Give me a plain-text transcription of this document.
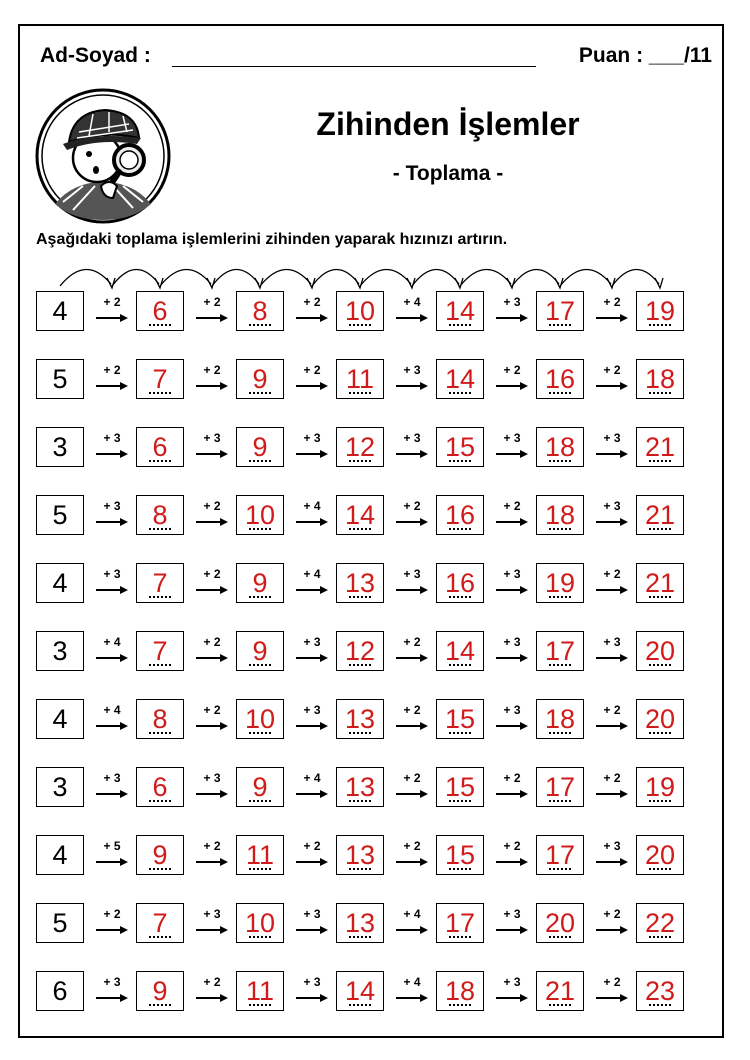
Ad-Soyad :	Puan : ___/11
Zihinden İşlemler
- Toplama -
Aşağıdaki toplama işlemlerini zihinden yaparak hızınızı artırın.
4	+ 2	6	+ 2	8	+ 2 10	+ 4 14	+ 3 17	+ 2 19
5	+ 2	7	+ 2	9	+ 2 11	+ 3 14	+ 2 16	+ 2 18
3	+ 3	6	+ 3	9	+ 3 12	+ 3 15	+ 3 18	+ 3 21
5	+ 3	8	+ 2 10	+ 4 14	+ 2 16	+ 2 18	+ 3 21
4	+ 3	7	+ 2	9	+ 4 13	+ 3 16	+ 3 19	+ 2 21
3	+ 4	7	+ 2	9	+ 3 12	+ 2 14	+ 3 17	+ 3 20
4	+ 4	8	+ 2 10	+ 3 13	+ 2 15	+ 3 18	+ 2 20
3	+ 3	6	+ 3	9	+ 4 13	+ 2 15	+ 2 17	+ 2 19
4	+ 5	9	+ 2 11	+ 2 13	+ 2 15	+ 2 17	+ 3 20
5	+ 2	7	+ 3 10	+ 3 13	+ 4 17	+ 3 20	+ 2 22
6	+ 3	9	+ 2 11	+ 3 14	+ 4 18	+ 3 21	+ 2 23
